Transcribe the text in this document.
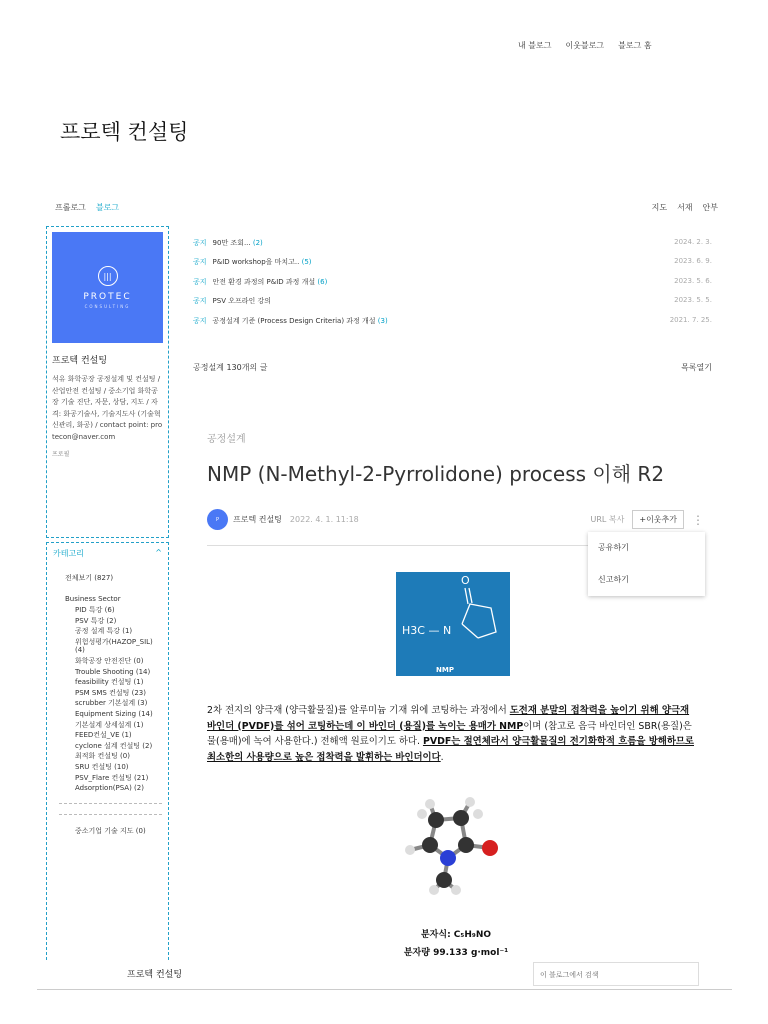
내 블로그 이웃블로그 블로그 홈
프로텍 컨설팅
프롤로그 블로그	지도 서재 안부
|||
PROTEC
CONSULTING
프로텍 컨설팅
석유 화학공장 공정설계 및 컨설팅 / 산업안전 컨설팅 / 중소기업 화학공장 기술 진단, 자문, 상담, 지도 / 자격: 화공기술사, 기술지도사 (기술혁신관리, 화공) / contact point: protecon@naver.com
프로필
카테고리	^
전체보기 (827)
Business Sector
PID 특강 (6)
PSV 특강 (2)
공정 설계 특강 (1)
위험성평가(HAZOP_SIL) (4)
화학공장 안전진단 (0)
Trouble Shooting (14)
feasibility 컨설팅 (1)
PSM SMS 컨설팅 (23)
scrubber 기본설계 (3)
Equipment Sizing (14)
기본설계 상세설계 (1)
FEED컨설_VE (1)
cyclone 설계 컨설팅 (2)
최적화 컨설팅 (0)
SRU 컨설팅 (10)
PSV_Flare 컨설팅 (21)
Adsorption(PSA) (2)
중소기업 기술 지도 (0)
공지 90만 조회... (2)	2024. 2. 3.
공지 P&ID workshop을 마치고.. (5)	2023. 6. 9.
공지 안전 환경 과정의 P&ID 과정 개설 (6)	2023. 5. 6.
공지 PSV 오프라인 강의	2023. 5. 5.
공지 공정설계 기준 (Process Design Criteria) 과정 개설 (3)	2021. 7. 25.
공정설계 130개의 글	목록열기
공정설계
NMP (N-Methyl-2-Pyrrolidone) process 이해 R2
P	프로텍 컨설팅 2022. 4. 1. 11:18	URL 복사	+이웃추가	⋮
공유하기
신고하기
O
H3C — N
NMP
2차 전지의 양극재 (양극활물질)를 알루미늄 기재 위에 코팅하는 과정에서 도전재 분말의 접착력을 높이기 위해 양극재 바인더 (PVDF)를 섞어 코팅하는데 이 바인더 (용질)를 녹이는 용매가 NMP이며 (참고로 음극 바인더인 SBR(용질)은 물(용매)에 녹여 사용한다.) 전해액 원료이기도 하다. PVDF는 절연체라서 양극활물질의 전기화학적 흐름을 방해하므로 최소한의 사용량으로 높은 접착력을 발휘하는 바인더이다.
분자식: C₅H₉NO
분자량 99.133 g·mol⁻¹
프로텍 컨설팅	이 블로그에서 검색
